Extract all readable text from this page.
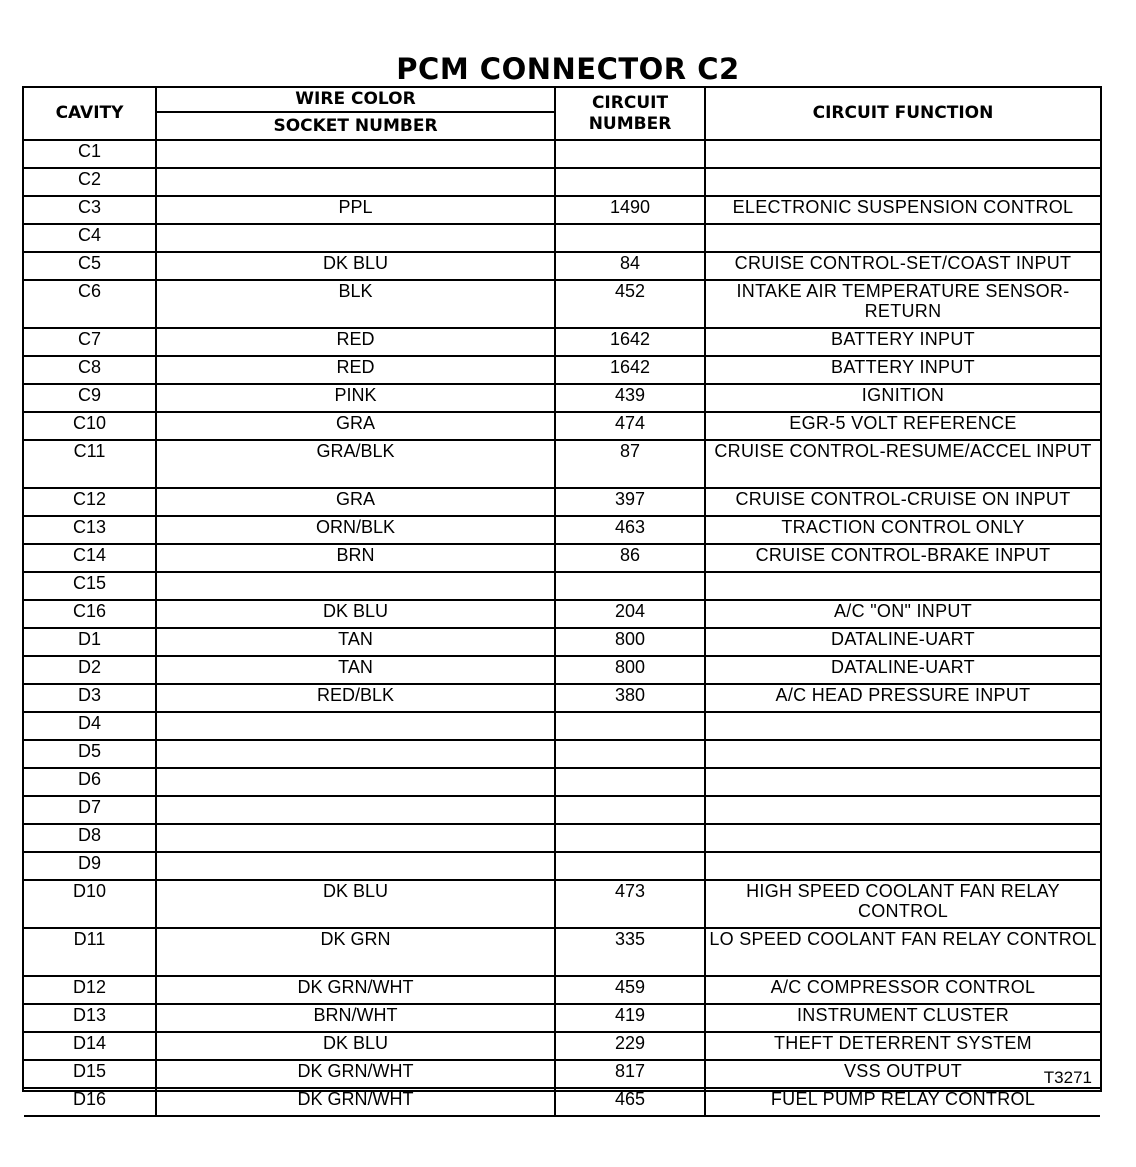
PCM CONNECTOR C2
CAVITY	WIRE COLOR	CIRCUIT NUMBER	CIRCUIT FUNCTION
	SOCKET NUMBER		
C1			
C2			
C3	PPL	1490	ELECTRONIC SUSPENSION CONTROL
C4			
C5	DK BLU	84	CRUISE CONTROL-SET/COAST INPUT
C6	BLK	452	INTAKE AIR TEMPERATURE SENSOR-RETURN
C7	RED	1642	BATTERY INPUT
C8	RED	1642	BATTERY INPUT
C9	PINK	439	IGNITION
C10	GRA	474	EGR-5 VOLT REFERENCE
C11	GRA/BLK	87	CRUISE CONTROL-RESUME/ACCEL INPUT
C12	GRA	397	CRUISE CONTROL-CRUISE ON INPUT
C13	ORN/BLK	463	TRACTION CONTROL ONLY
C14	BRN	86	CRUISE CONTROL-BRAKE INPUT
C15			
C16	DK BLU	204	A/C "ON" INPUT
D1	TAN	800	DATALINE-UART
D2	TAN	800	DATALINE-UART
D3	RED/BLK	380	A/C HEAD PRESSURE INPUT
D4			
D5			
D6			
D7			
D8			
D9			
D10	DK BLU	473	HIGH SPEED COOLANT FAN RELAY CONTROL
D11	DK GRN	335	LO SPEED COOLANT FAN RELAY CONTROL
D12	DK GRN/WHT	459	A/C COMPRESSOR CONTROL
D13	BRN/WHT	419	INSTRUMENT CLUSTER
D14	DK BLU	229	THEFT DETERRENT SYSTEM
D15	DK GRN/WHT	817	VSS OUTPUT
D16	DK GRN/WHT	465	FUEL PUMP RELAY CONTROL

T3271
